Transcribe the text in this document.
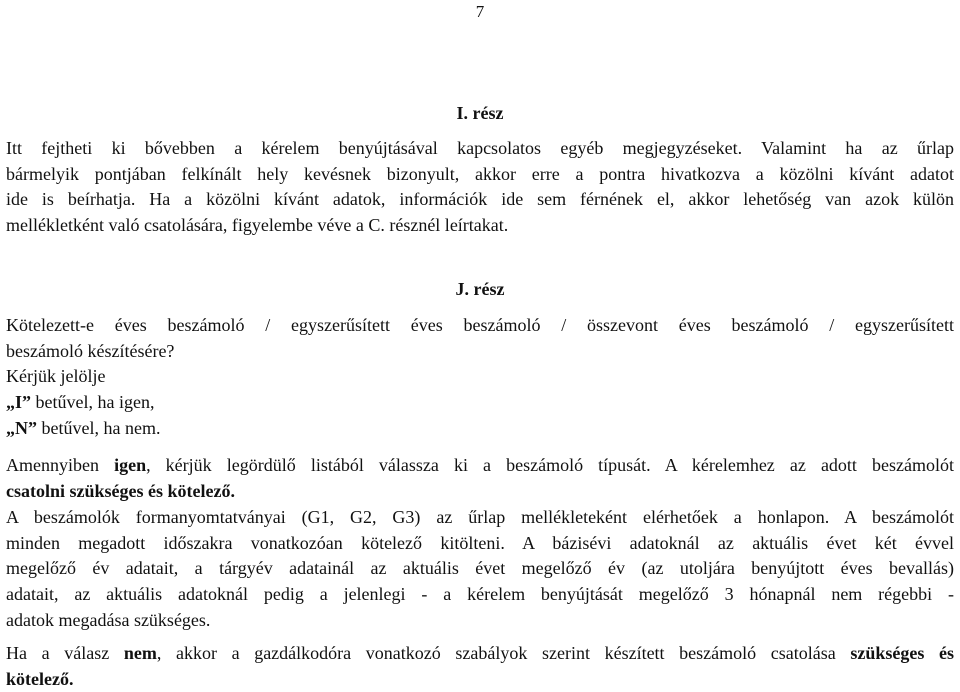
7
I. rész
Itt fejtheti ki bővebben a kérelem benyújtásával kapcsolatos egyéb megjegyzéseket. Valamint ha az űrlap
bármelyik pontjában felkínált hely kevésnek bizonyult, akkor erre a pontra hivatkozva a közölni kívánt adatot
ide is beírhatja. Ha a közölni kívánt adatok, információk ide sem férnének el, akkor lehetőség van azok külön
mellékletként való csatolására, figyelembe véve a C. résznél leírtakat.
J. rész
Kötelezett-e éves beszámoló / egyszerűsített éves beszámoló / összevont éves beszámoló / egyszerűsített
beszámoló készítésére?
Kérjük jelölje
„I” betűvel, ha igen,
„N” betűvel, ha nem.
Amennyiben igen, kérjük legördülő listából válassza ki a beszámoló típusát. A kérelemhez az adott beszámolót
csatolni szükséges és kötelező.
A beszámolók formanyomtatványai (G1, G2, G3) az űrlap mellékleteként elérhetőek a honlapon. A beszámolót
minden megadott időszakra vonatkozóan kötelező kitölteni. A bázisévi adatoknál az aktuális évet két évvel
megelőző év adatait, a tárgyév adatainál az aktuális évet megelőző év (az utoljára benyújtott éves bevallás)
adatait, az aktuális adatoknál pedig a jelenlegi - a kérelem benyújtását megelőző 3 hónapnál nem régebbi -
adatok megadása szükséges.
Ha a válasz nem, akkor a gazdálkodóra vonatkozó szabályok szerint készített beszámoló csatolása szükséges és
kötelező.
